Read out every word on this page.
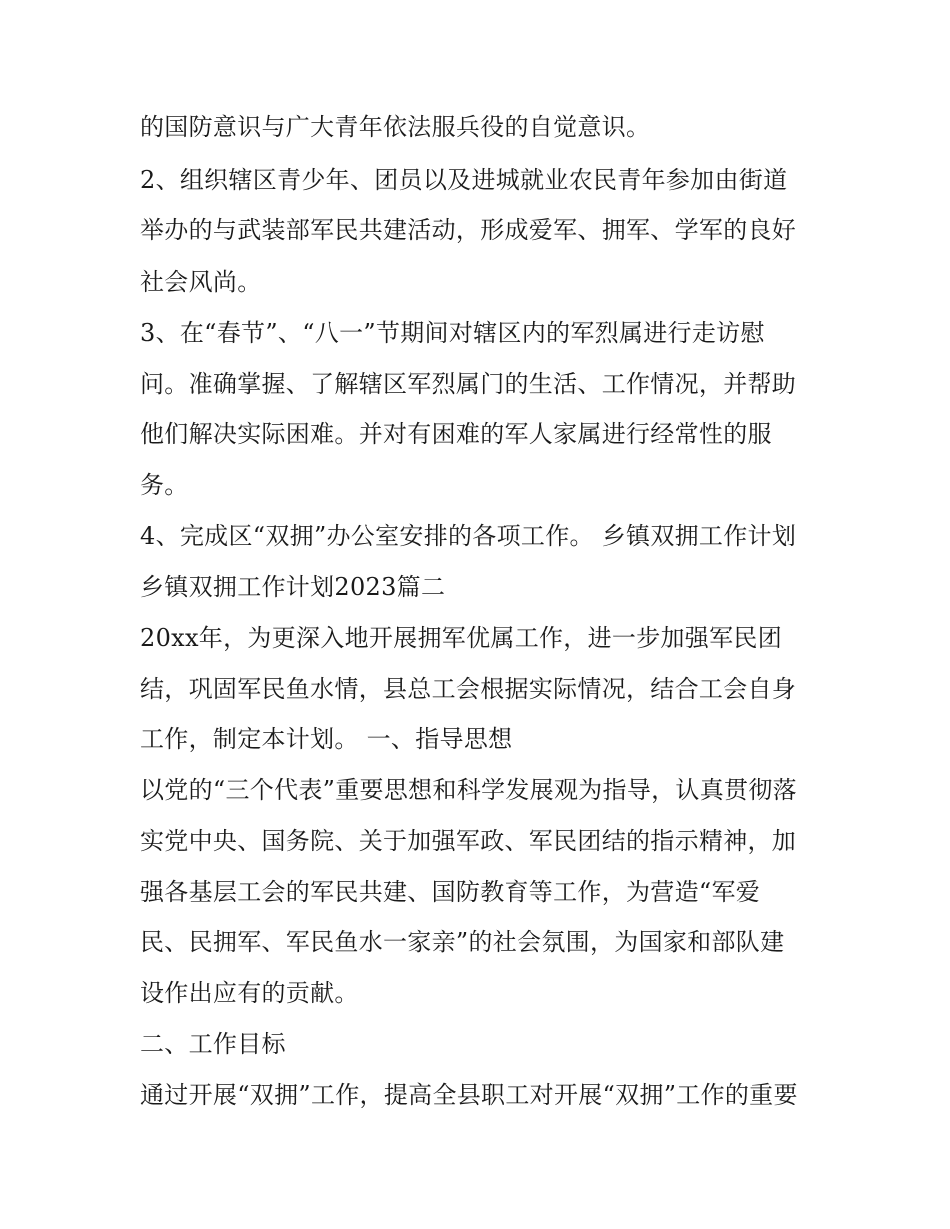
的国防意识与广大青年依法服兵役的自觉意识。
2、组织辖区青少年、团员以及进城就业农民青年参加由街道
举办的与武装部军民共建活动，形成爱军、拥军、学军的良好
社会风尚。
3、在“春节”、“八一”节期间对辖区内的军烈属进行走访慰
问。准确掌握、了解辖区军烈属门的生活、工作情况，并帮助
他们解决实际困难。并对有困难的军人家属进行经常性的服
务。
4、完成区“双拥”办公室安排的各项工作。 乡镇双拥工作计划
乡镇双拥工作计划2023篇二
20xx年，为更深入地开展拥军优属工作，进一步加强军民团
结，巩固军民鱼水情，县总工会根据实际情况，结合工会自身
工作，制定本计划。 一、指导思想
以党的“三个代表”重要思想和科学发展观为指导，认真贯彻落
实党中央、国务院、关于加强军政、军民团结的指示精神，加
强各基层工会的军民共建、国防教育等工作，为营造“军爱
民、民拥军、军民鱼水一家亲”的社会氛围，为国家和部队建
设作出应有的贡献。
二、工作目标
通过开展“双拥”工作，提高全县职工对开展“双拥”工作的重要
